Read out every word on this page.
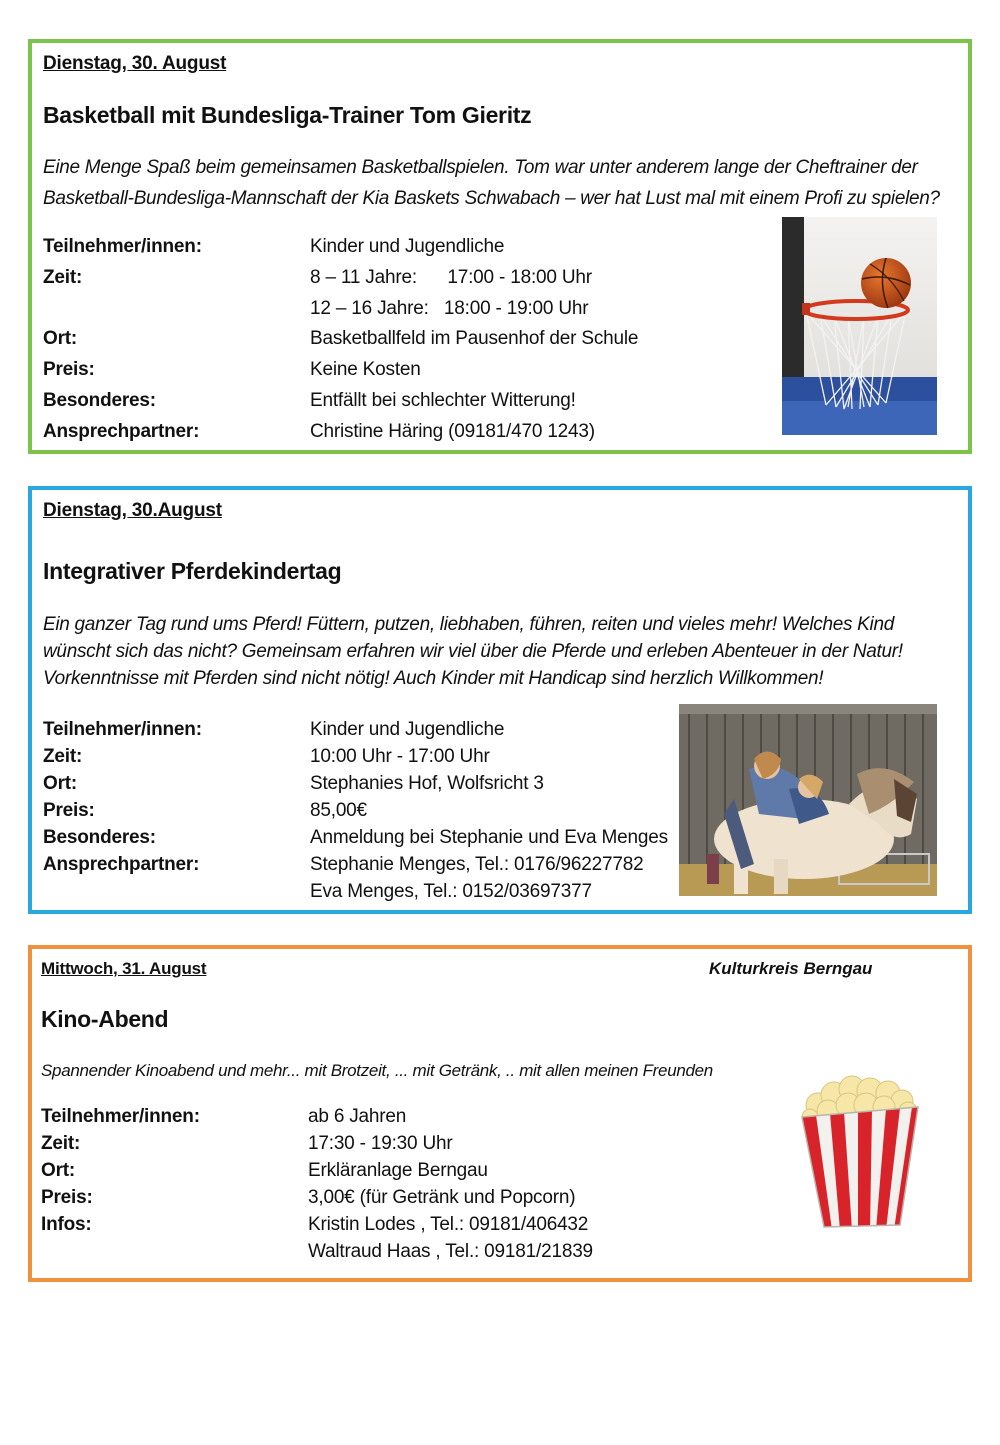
Dienstag, 30. August
Basketball mit Bundesliga-Trainer Tom Gieritz
Eine Menge Spaß beim gemeinsamen Basketballspielen. Tom war unter anderem lange der Cheftrainer der
Basketball-Bundesliga-Mannschaft der Kia Baskets Schwabach – wer hat Lust mal mit einem Profi zu spielen?
Teilnehmer/innen:	Kinder und Jugendliche
Zeit:	8 – 11 Jahre:      17:00 - 18:00 Uhr
12 – 16 Jahre:   18:00 - 19:00 Uhr
Ort:	Basketballfeld im Pausenhof der Schule
Preis:	Keine Kosten
Besonderes:	Entfällt bei schlechter Witterung!
Ansprechpartner:	Christine Häring (09181/470 1243)
Dienstag, 30.August
Integrativer Pferdekindertag
Ein ganzer Tag rund ums Pferd! Füttern, putzen, liebhaben, führen, reiten und vieles mehr! Welches Kind
wünscht sich das nicht? Gemeinsam erfahren wir viel über die Pferde und erleben Abenteuer in der Natur!
Vorkenntnisse mit Pferden sind nicht nötig! Auch Kinder mit Handicap sind herzlich Willkommen!
Teilnehmer/innen:	Kinder und Jugendliche
Zeit:	10:00 Uhr - 17:00 Uhr
Ort:	Stephanies Hof, Wolfsricht 3
Preis:	85,00€
Besonderes:	Anmeldung bei Stephanie und Eva Menges
Ansprechpartner:	Stephanie Menges, Tel.: 0176/96227782
Eva Menges, Tel.: 0152/03697377
Mittwoch, 31. August	Kulturkreis Berngau
Kino-Abend
Spannender Kinoabend und mehr... mit Brotzeit, ... mit Getränk, .. mit allen meinen Freunden
Teilnehmer/innen:	ab 6 Jahren
Zeit:	17:30 - 19:30 Uhr
Ort:	Erkläranlage Berngau
Preis:	3,00€ (für Getränk und Popcorn)
Infos:	Kristin Lodes , Tel.: 09181/406432
Waltraud Haas , Tel.: 09181/21839
